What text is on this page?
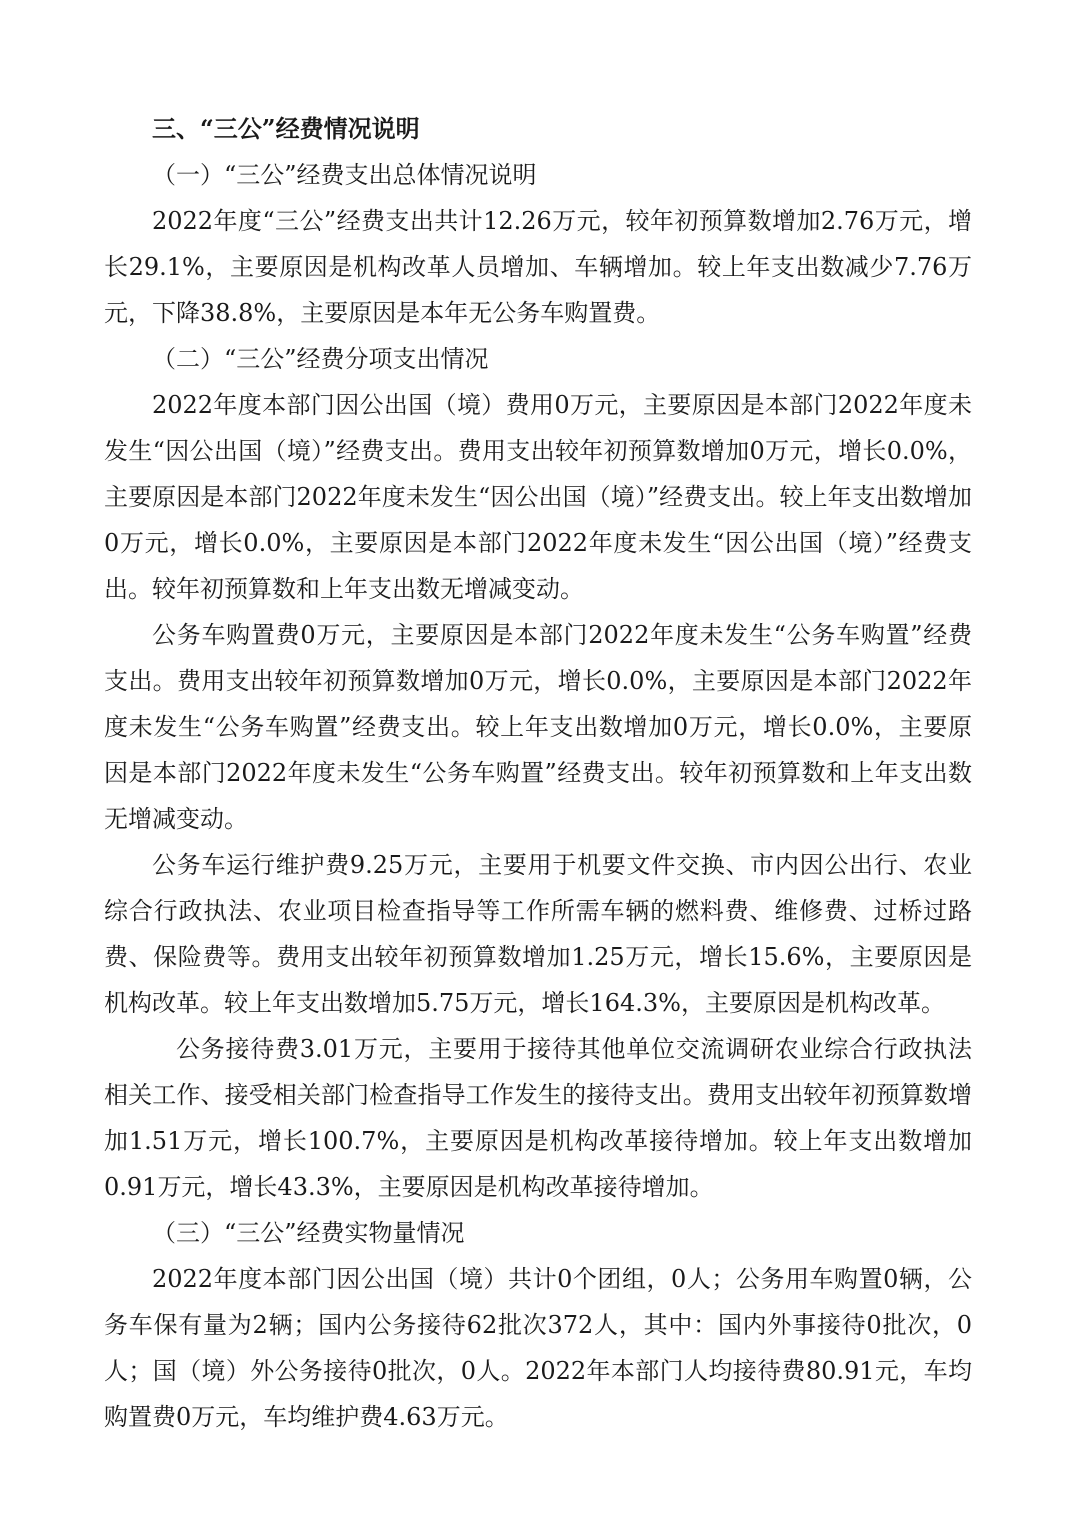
三、“三公”经费情况说明
（一）“三公”经费支出总体情况说明

2022年度“三公”经费支出共计12.26万元，较年初预算数增加2.76万元，增长29.1%，主要原因是机构改革人员增加、车辆增加。较上年支出数减少7.76万元，下降38.8%，主要原因是本年无公务车购置费。

（二）“三公”经费分项支出情况

2022年度本部门因公出国（境）费用0万元，主要原因是本部门2022年度未发生“因公出国（境）”经费支出。费用支出较年初预算数增加0万元，增长0.0%，主要原因是本部门2022年度未发生“因公出国（境）”经费支出。较上年支出数增加0万元，增长0.0%，主要原因是本部门2022年度未发生“因公出国（境）”经费支出。较年初预算数和上年支出数无增减变动。

公务车购置费0万元，主要原因是本部门2022年度未发生“公务车购置”经费支出。费用支出较年初预算数增加0万元，增长0.0%，主要原因是本部门2022年度未发生“公务车购置”经费支出。较上年支出数增加0万元，增长0.0%，主要原因是本部门2022年度未发生“公务车购置”经费支出。较年初预算数和上年支出数无增减变动。

公务车运行维护费9.25万元，主要用于机要文件交换、市内因公出行、农业综合行政执法、农业项目检查指导等工作所需车辆的燃料费、维修费、过桥过路费、保险费等。费用支出较年初预算数增加1.25万元，增长15.6%，主要原因是机构改革。较上年支出数增加5.75万元，增长164.3%，主要原因是机构改革。

公务接待费3.01万元，主要用于接待其他单位交流调研农业综合行政执法相关工作、接受相关部门检查指导工作发生的接待支出。费用支出较年初预算数增加1.51万元，增长100.7%，主要原因是机构改革接待增加。较上年支出数增加0.91万元，增长43.3%，主要原因是机构改革接待增加。

（三）“三公”经费实物量情况

2022年度本部门因公出国（境）共计0个团组，0人；公务用车购置0辆，公务车保有量为2辆；国内公务接待62批次372人，其中：国内外事接待0批次，0人；国（境）外公务接待0批次，0人。2022年本部门人均接待费80.91元，车均购置费0万元，车均维护费4.63万元。
